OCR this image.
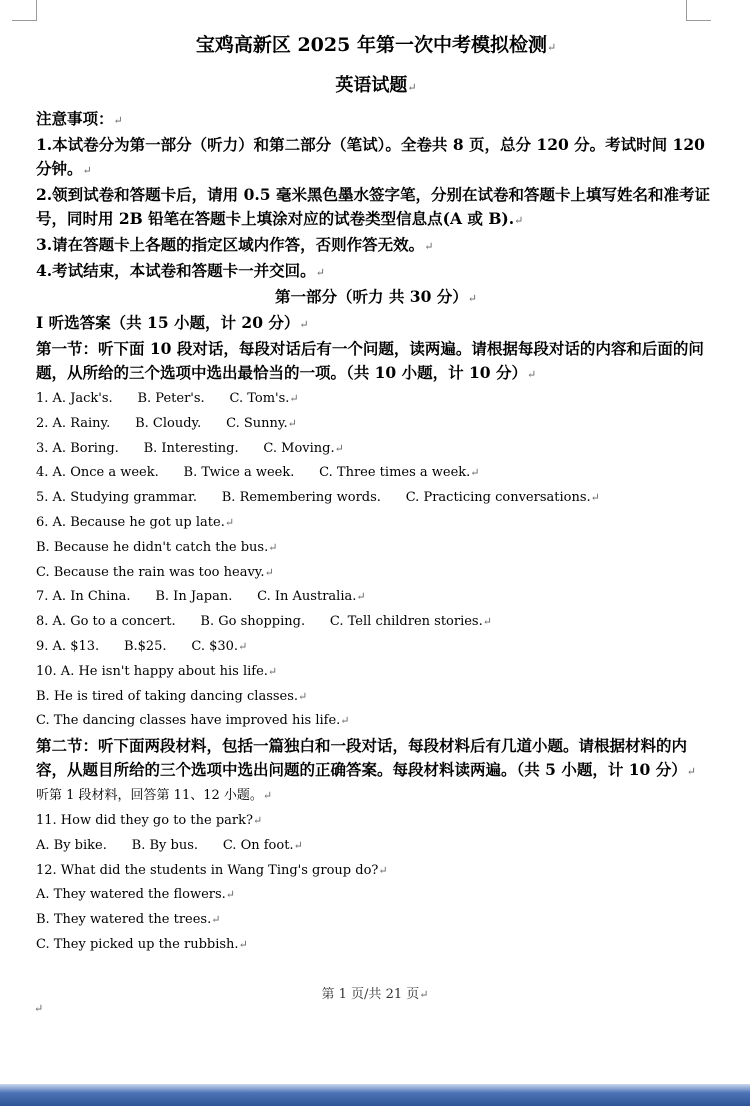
宝鸡高新区 2025 年第一次中考模拟检测↵
英语试题↵
注意事项：↵
1.本试卷分为第一部分（听力）和第二部分（笔试）。全卷共 8 页，总分 120 分。考试时间 120 分钟。↵
2.领到试卷和答题卡后，请用 0.5 毫米黑色墨水签字笔，分别在试卷和答题卡上填写姓名和准考证号，同时用 2B 铅笔在答题卡上填涂对应的试卷类型信息点(A 或 B).↵
3.请在答题卡上各题的指定区域内作答，否则作答无效。↵
4.考试结束，本试卷和答题卡一并交回。↵
第一部分（听力 共 30 分）↵
Ⅰ 听选答案（共 15 小题，计 20 分）↵
第一节：听下面 10 段对话，每段对话后有一个问题，读两遍。请根据每段对话的内容和后面的问题，从所给的三个选项中选出最恰当的一项。（共 10 小题，计 10 分）↵
1. A. Jack's. B. Peter's. C. Tom's.↵
2. A. Rainy. B. Cloudy. C. Sunny.↵
3. A. Boring. B. Interesting. C. Moving.↵
4. A. Once a week. B. Twice a week. C. Three times a week.↵
5. A. Studying grammar. B. Remembering words. C. Practicing conversations.↵
6. A. Because he got up late.↵
B. Because he didn't catch the bus.↵
C. Because the rain was too heavy.↵
7. A. In China. B. In Japan. C. In Australia.↵
8. A. Go to a concert. B. Go shopping. C. Tell children stories.↵
9. A. $13. B.$25. C. $30.↵
10. A. He isn't happy about his life.↵
B. He is tired of taking dancing classes.↵
C. The dancing classes have improved his life.↵
第二节：听下面两段材料，包括一篇独白和一段对话，每段材料后有几道小题。请根据材料的内容，从题目所给的三个选项中选出问题的正确答案。每段材料读两遍。（共 5 小题，计 10 分）↵
听第 1 段材料，回答第 11、12 小题。↵
11. How did they go to the park?↵
A. By bike. B. By bus. C. On foot.↵
12. What did the students in Wang Ting's group do?↵
A. They watered the flowers.↵
B. They watered the trees.↵
C. They picked up the rubbish.↵
第 1 页/共 21 页↵
↵
